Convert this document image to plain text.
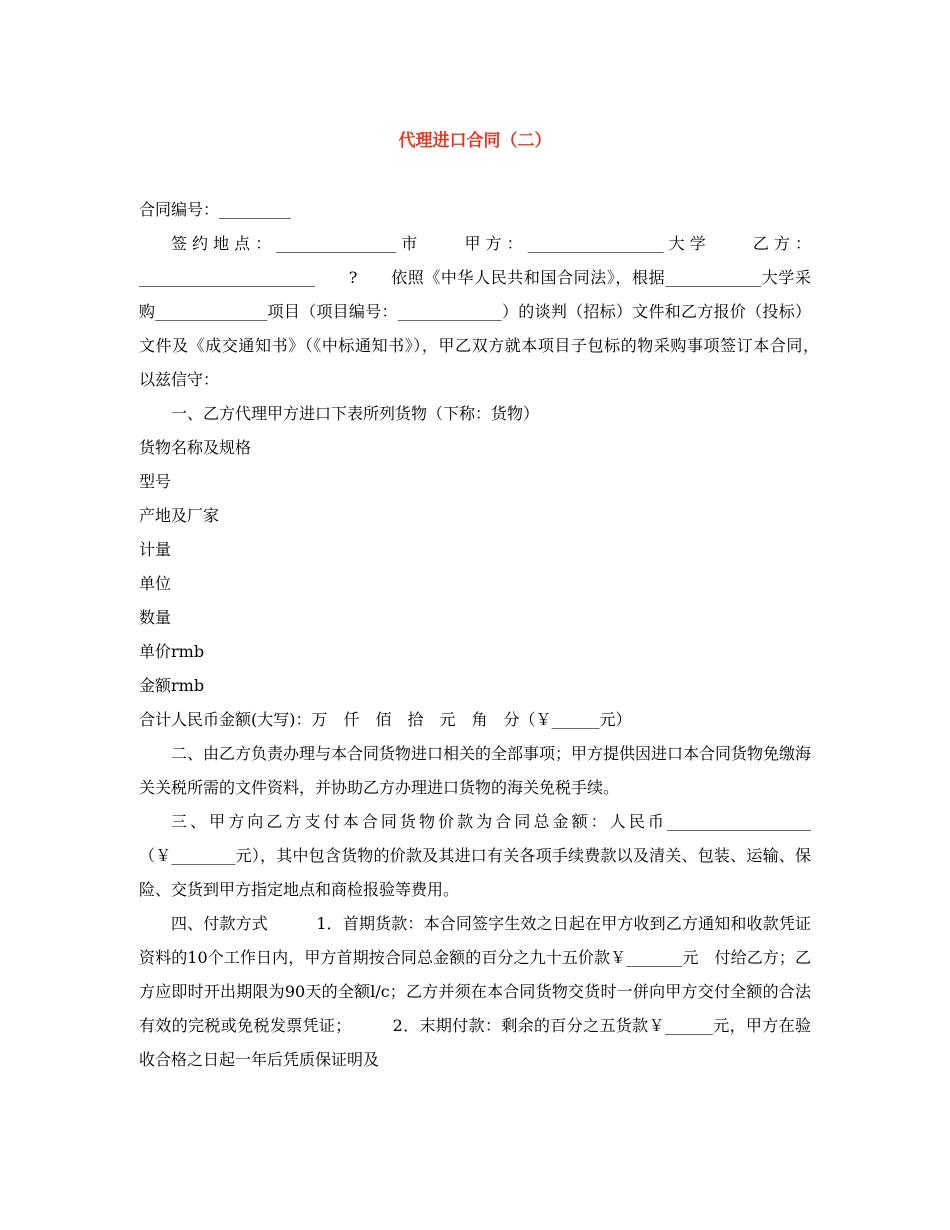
代理进口合同（二）

合同编号：_________

签约地点：_______________市　　甲方：_________________大学　　乙方：______________________　　?　　依照《中华人民共和国合同法》，根据____________大学采购______________项目（项目编号：_____________）的谈判（招标）文件和乙方报价（投标）文件及《成交通知书》（《中标通知书》），甲乙双方就本项目子包标的物采购事项签订本合同，　以兹信守：

一、乙方代理甲方进口下表所列货物（下称：货物）

货物名称及规格

型号

产地及厂家

计量

单位

数量

单价rmb

金额rmb

合计人民币金额(大写)：万　仟　佰　拾　元　角　分（￥______元）

二、由乙方负责办理与本合同货物进口相关的全部事项；甲方提供因进口本合同货物免缴海关关税所需的文件资料，并协助乙方办理进口货物的海关免税手续。

三、甲方向乙方支付本合同货物价款为合同总金额：人民币__________________（￥________元），其中包含货物的价款及其进口有关各项手续费款以及清关、包装、运输、保险、交货到甲方指定地点和商检报验等费用。

四、付款方式　　　1．首期货款：本合同签字生效之日起在甲方收到乙方通知和收款凭证资料的10个工作日内，甲方首期按合同总金额的百分之九十五价款￥_______元　付给乙方；乙方应即时开出期限为90天的全额l/c；乙方并须在本合同货物交货时一併向甲方交付全额的合法有效的完税或免税发票凭证；　　　2．末期付款：剩余的百分之五货款￥______元，甲方在验收合格之日起一年后凭质保证明及
